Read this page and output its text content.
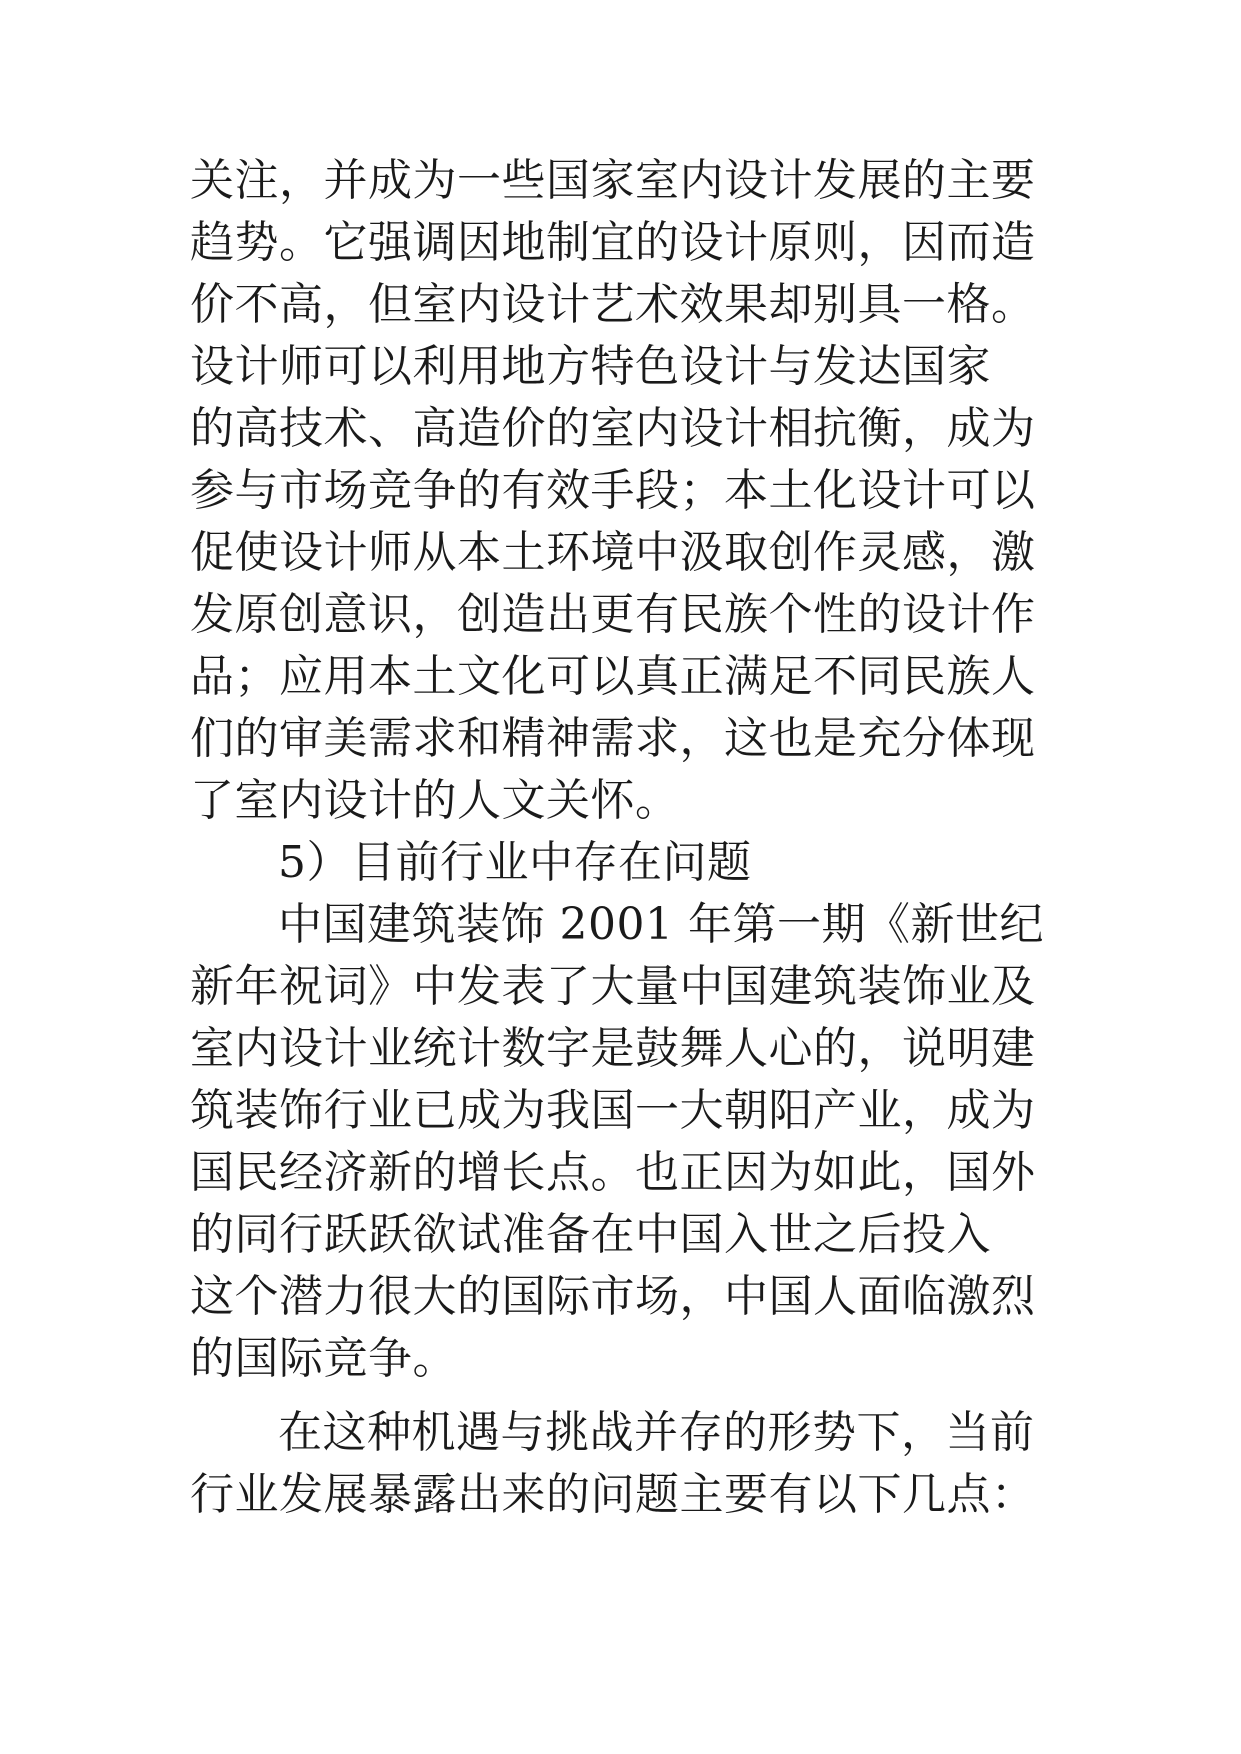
关注，并成为一些国家室内设计发展的主要
趋势。它强调因地制宜的设计原则，因而造
价不高，但室内设计艺术效果却别具一格。
设计师可以利用地方特色设计与发达国家
的高技术、高造价的室内设计相抗衡，成为
参与市场竞争的有效手段；本土化设计可以
促使设计师从本土环境中汲取创作灵感，激
发原创意识，创造出更有民族个性的设计作
品；应用本土文化可以真正满足不同民族人
们的审美需求和精神需求，这也是充分体现
了室内设计的人文关怀。
5）目前行业中存在问题
中国建筑装饰 2001 年第一期《新世纪
新年祝词》中发表了大量中国建筑装饰业及
室内设计业统计数字是鼓舞人心的，说明建
筑装饰行业已成为我国一大朝阳产业，成为
国民经济新的增长点。也正因为如此，国外
的同行跃跃欲试准备在中国入世之后投入
这个潜力很大的国际市场，中国人面临激烈
的国际竞争。
在这种机遇与挑战并存的形势下，当前
行业发展暴露出来的问题主要有以下几点：
